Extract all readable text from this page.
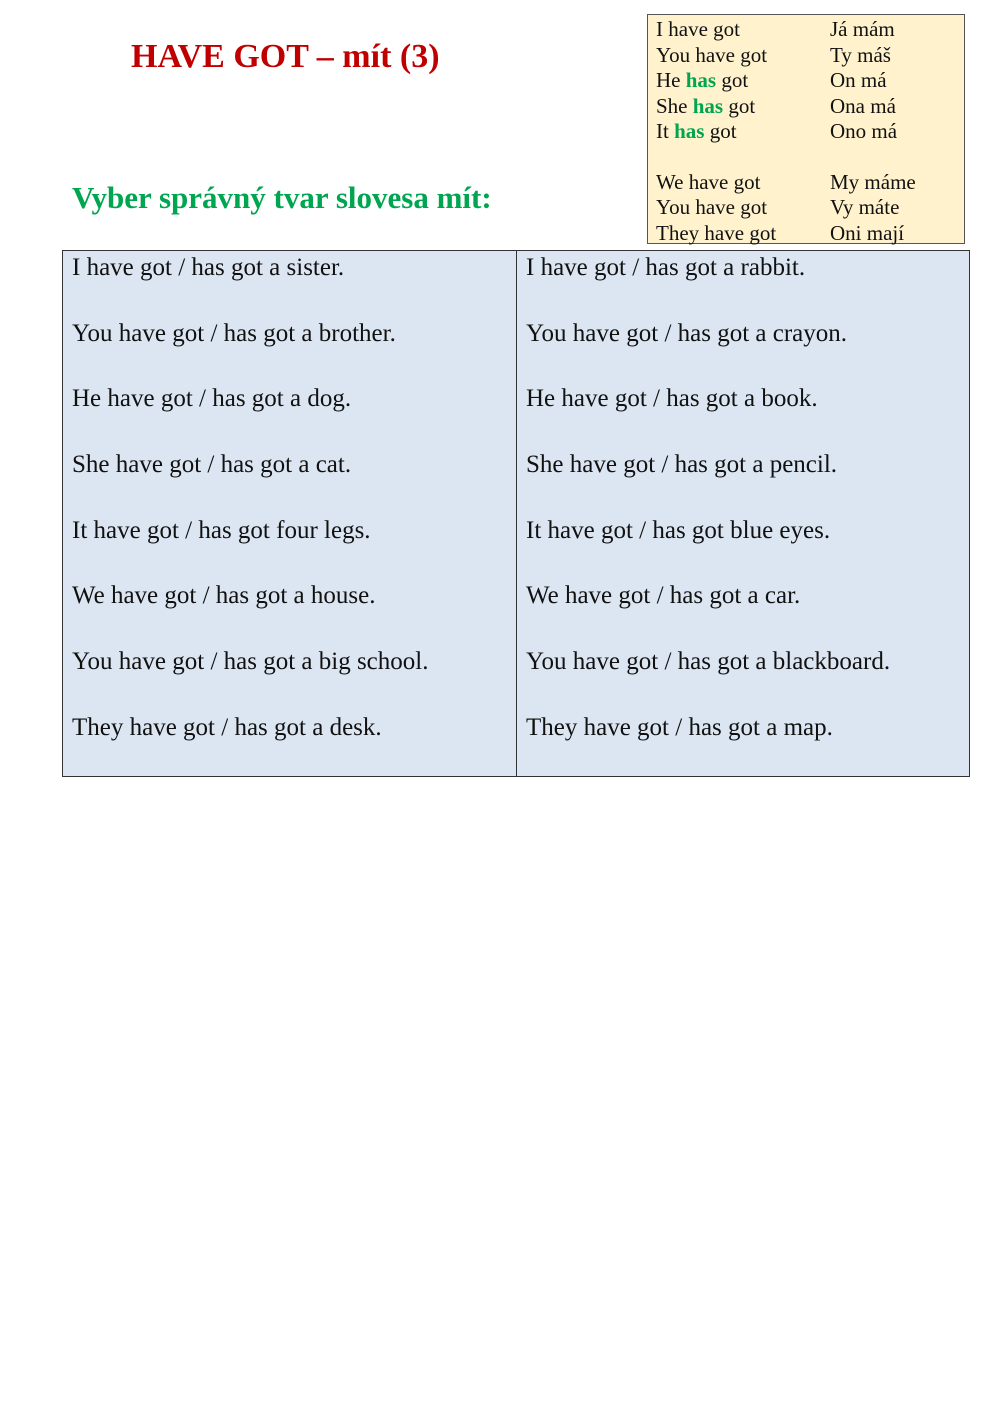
HAVE GOT – mít (3)
I have got	Já mám
You have got	Ty máš
He has got	On má
She has got	Ona má
It has got	Ono má
We have got	My máme
You have got	Vy máte
They have got	Oni mají
Vyber správný tvar slovesa mít:
I have got / has got a sister.
You have got / has got a brother.
He have got / has got a dog.
She have got / has got a cat.
It have got / has got four legs.
We have got / has got a house.
You have got / has got a big school.
They have got / has got a desk.
I have got / has got a rabbit.
You have got / has got a crayon.
He have got / has got a book.
She have got / has got a pencil.
It have got / has got blue eyes.
We have got / has got a car.
You have got / has got a blackboard.
They have got / has got a map.
